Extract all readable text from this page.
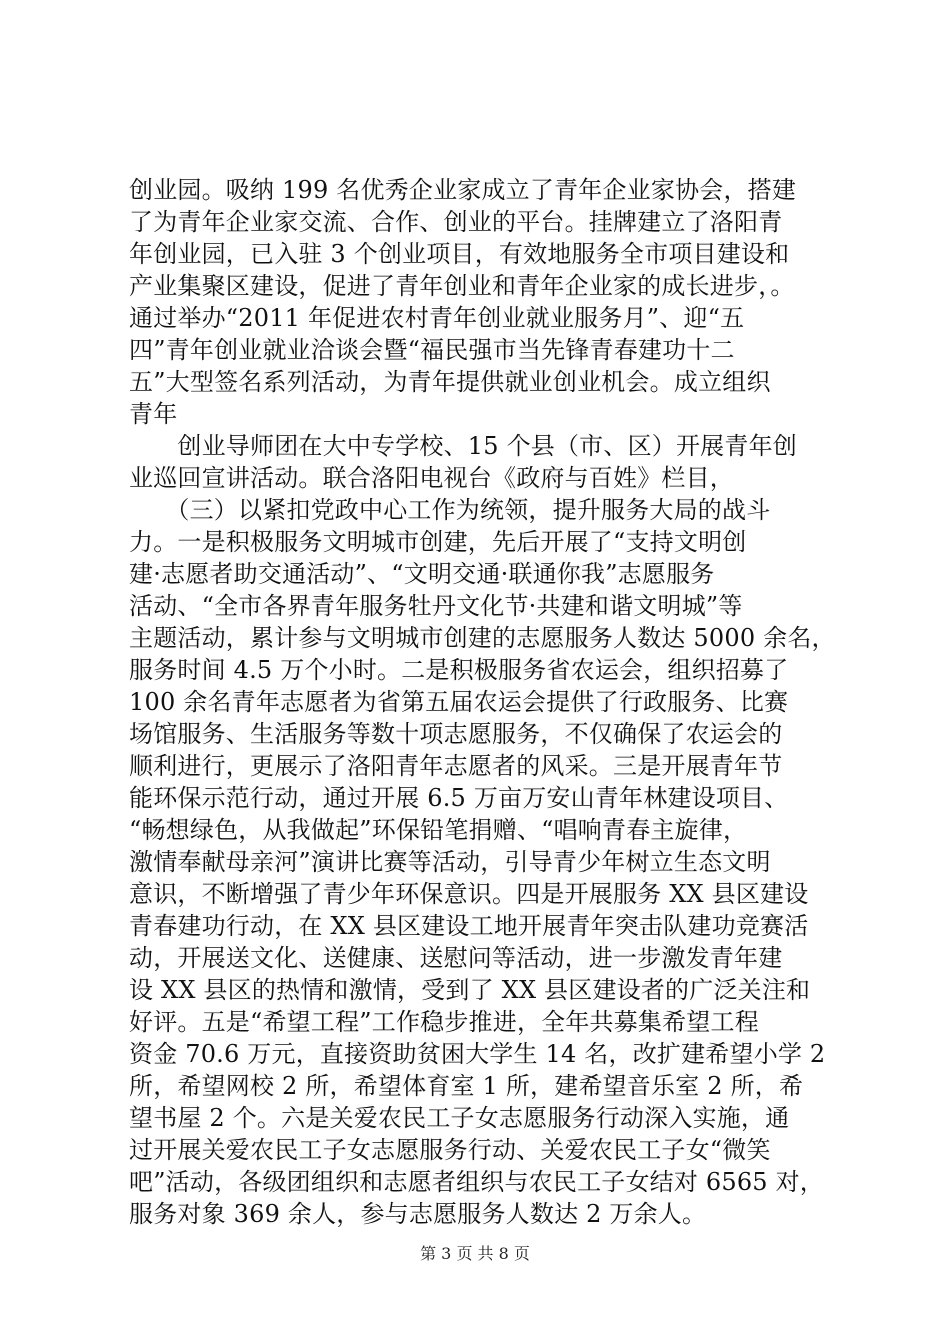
创业园。吸纳 199 名优秀企业家成立了青年企业家协会，搭建
了为青年企业家交流、合作、创业的平台。挂牌建立了洛阳青
年创业园，已入驻 3 个创业项目，有效地服务全市项目建设和
产业集聚区建设，促进了青年创业和青年企业家的成长进步，。
通过举办“2011 年促进农村青年创业就业服务月”、迎“五
四”青年创业就业洽谈会暨“福民强市当先锋青春建功十二
五”大型签名系列活动，为青年提供就业创业机会。成立组织
青年
　　创业导师团在大中专学校、15 个县（市、区）开展青年创
业巡回宣讲活动。联合洛阳电视台《政府与百姓》栏目，
　　（三）以紧扣党政中心工作为统领，提升服务大局的战斗
力。一是积极服务文明城市创建，先后开展了“支持文明创
建·志愿者助交通活动”、“文明交通·联通你我”志愿服务
活动、“全市各界青年服务牡丹文化节·共建和谐文明城”等
主题活动，累计参与文明城市创建的志愿服务人数达 5000 余名，
服务时间 4.5 万个小时。二是积极服务省农运会，组织招募了
100 余名青年志愿者为省第五届农运会提供了行政服务、比赛
场馆服务、生活服务等数十项志愿服务，不仅确保了农运会的
顺利进行，更展示了洛阳青年志愿者的风采。三是开展青年节
能环保示范行动，通过开展 6.5 万亩万安山青年林建设项目、
“畅想绿色，从我做起”环保铅笔捐赠、“唱响青春主旋律，
激情奉献母亲河”演讲比赛等活动，引导青少年树立生态文明
意识，不断增强了青少年环保意识。四是开展服务 XX 县区建设
青春建功行动，在 XX 县区建设工地开展青年突击队建功竞赛活
动，开展送文化、送健康、送慰问等活动，进一步激发青年建
设 XX 县区的热情和激情，受到了 XX 县区建设者的广泛关注和
好评。五是“希望工程”工作稳步推进，全年共募集希望工程
资金 70.6 万元，直接资助贫困大学生 14 名，改扩建希望小学 2
所，希望网校 2 所，希望体育室 1 所，建希望音乐室 2 所，希
望书屋 2 个。六是关爱农民工子女志愿服务行动深入实施，通
过开展关爱农民工子女志愿服务行动、关爱农民工子女“微笑
吧”活动，各级团组织和志愿者组织与农民工子女结对 6565 对，
服务对象 369 余人，参与志愿服务人数达 2 万余人。
第 3 页 共 8 页
